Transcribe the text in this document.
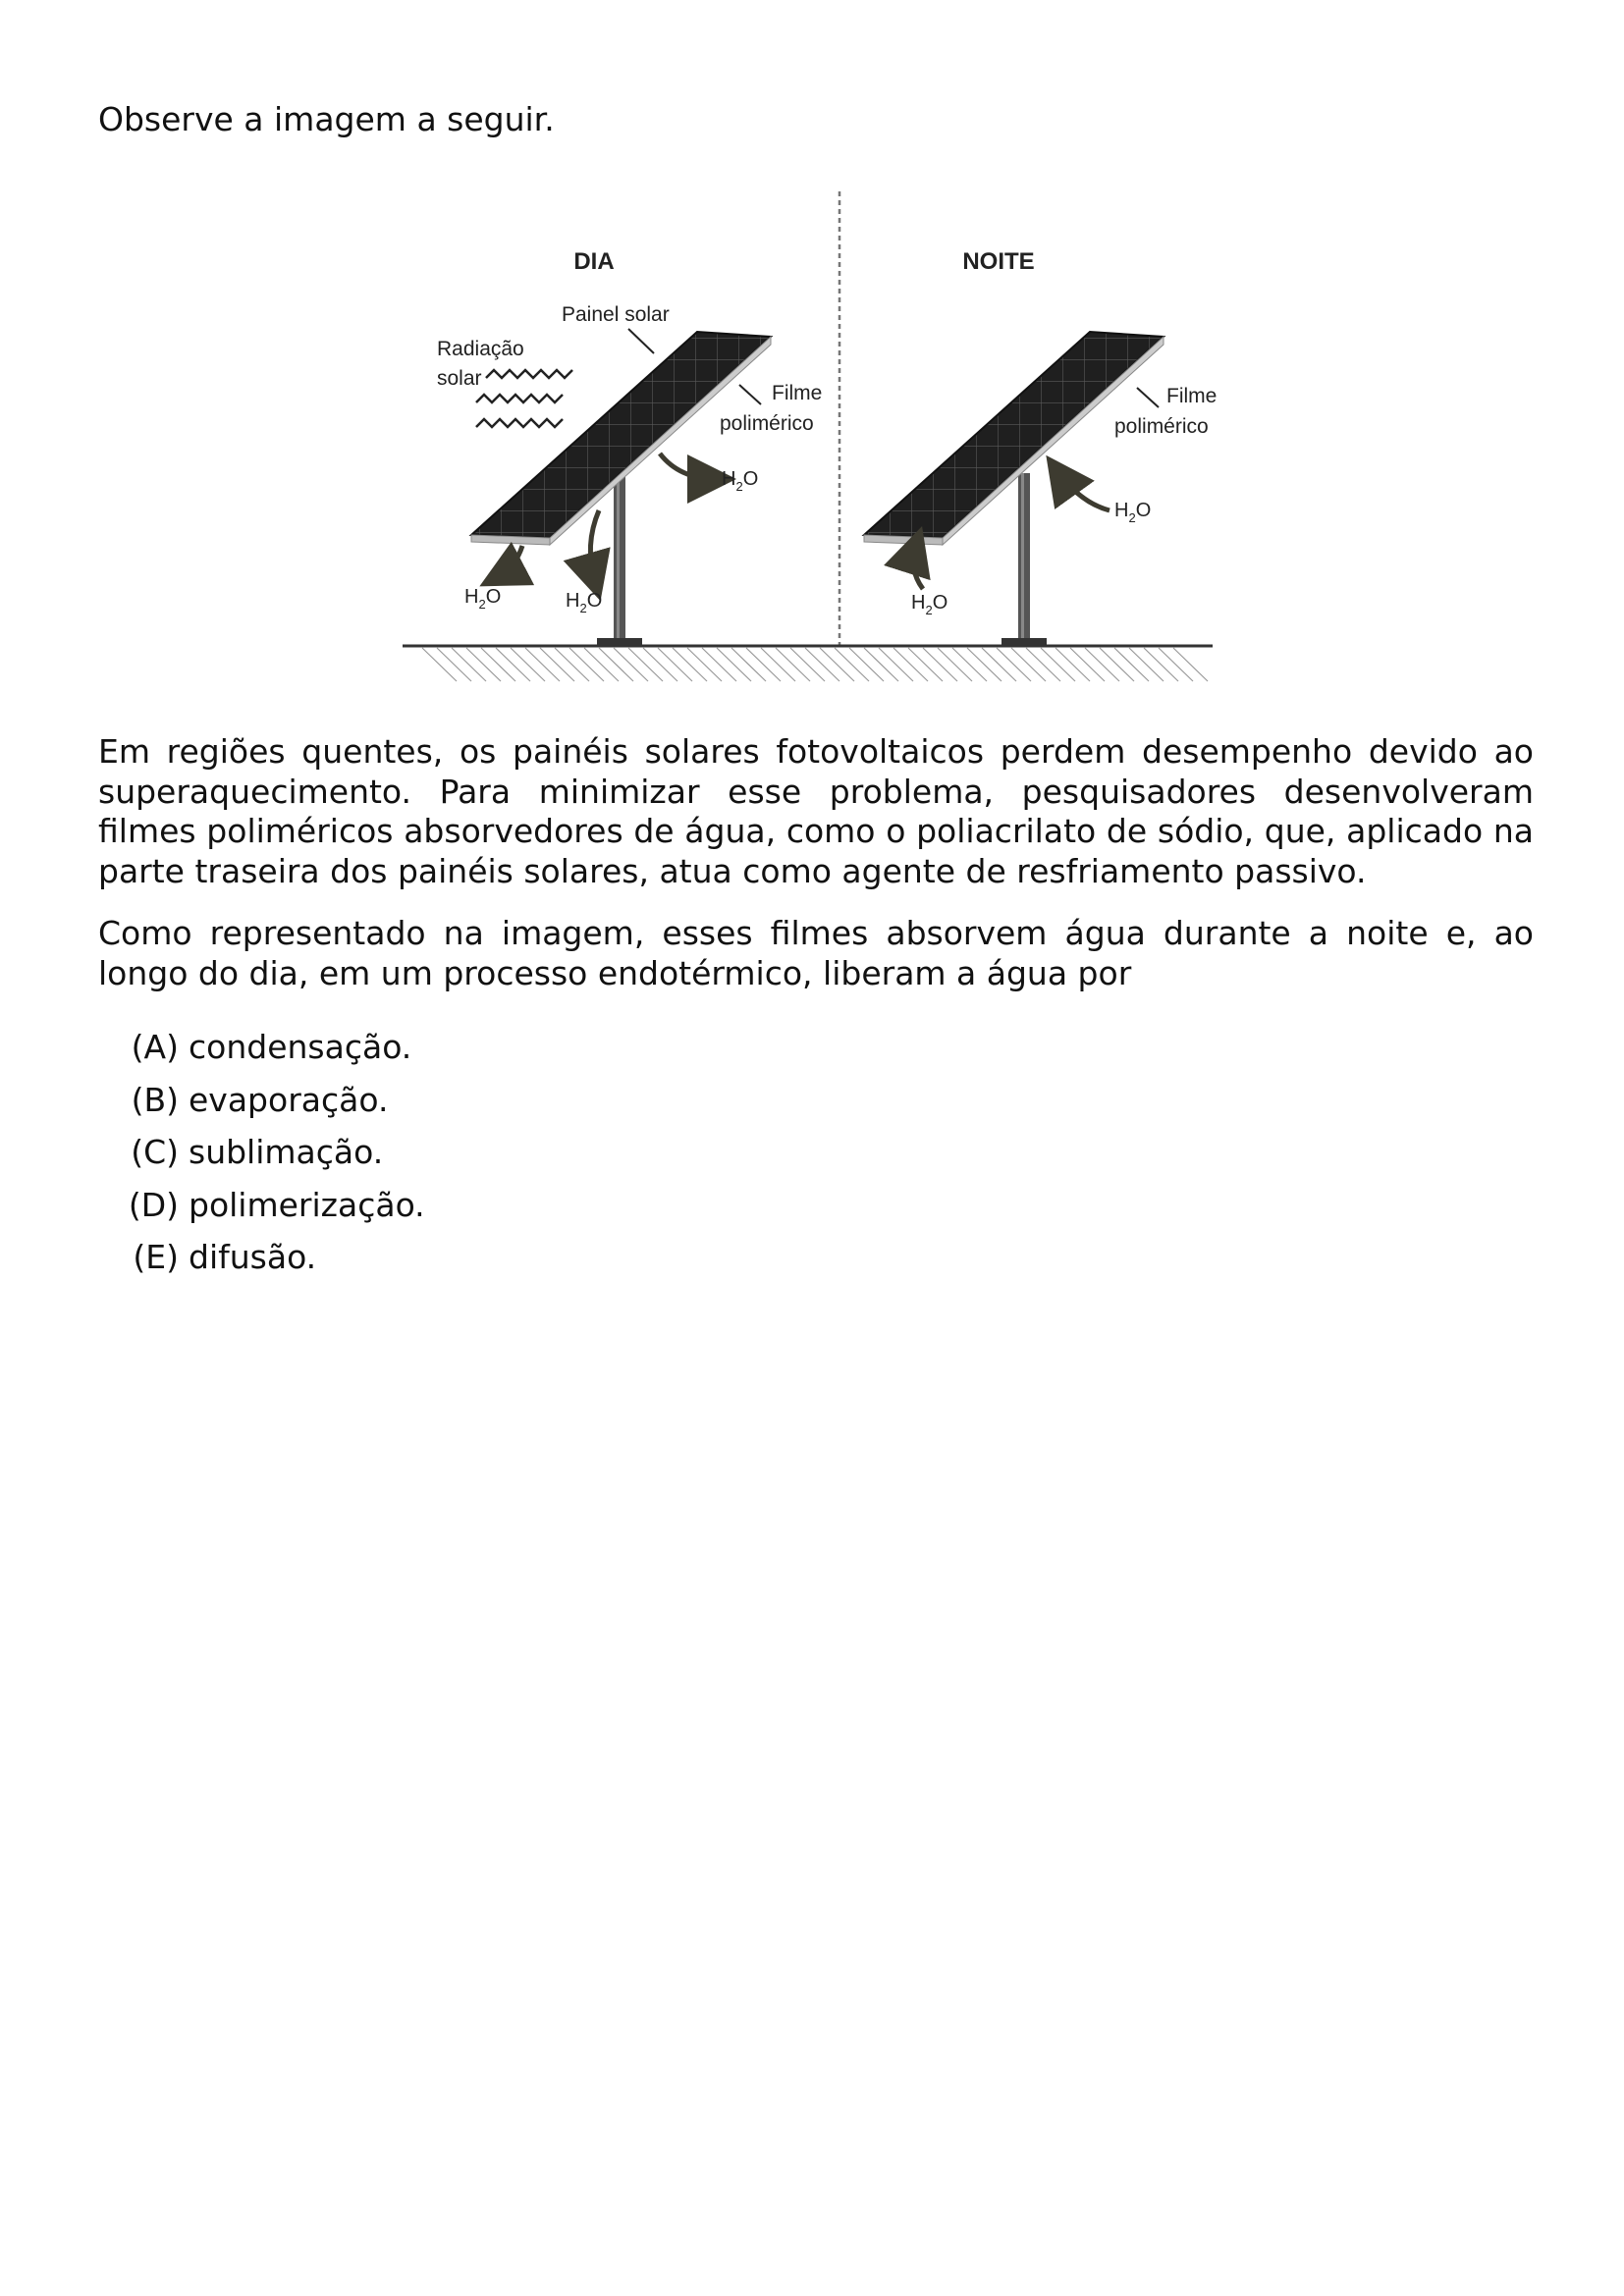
Observe a imagem a seguir.

DIA	NOITE
Painel solar
Radiação
solar
Filme
polimérico
Filme
polimérico
$H_2O$	$H_2O$
$H_2O$
$H_2O$
$H_2O$

Em regiões quentes, os painéis solares fotovoltaicos perdem desempenho devido ao superaquecimento. Para minimizar esse problema, pesquisadores desenvolveram filmes poliméricos absorvedores de água, como o poliacrilato de sódio, que, aplicado na parte traseira dos painéis solares, atua como agente de resfriamento passivo.

Como representado na imagem, esses filmes absorvem água durante a noite e, ao longo do dia, em um processo endotérmico, liberam a água por

(A) condensação.
(B) evaporação.
(C) sublimação.
(D) polimerização.
(E) difusão.
